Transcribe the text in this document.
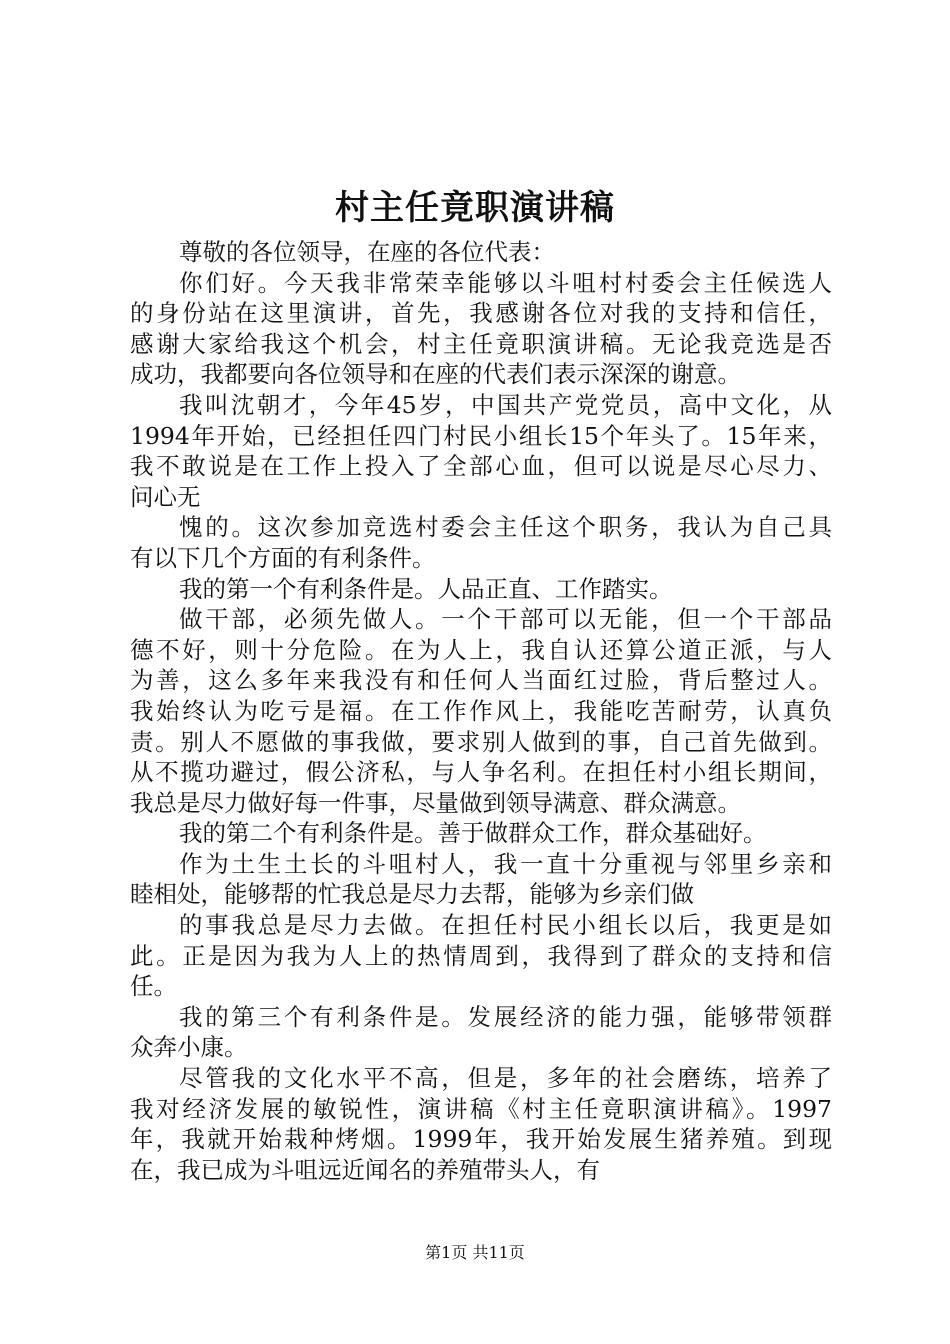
村主任竟职演讲稿
尊敬的各位领导，在座的各位代表：
你们好。今天我非常荣幸能够以斗咀村村委会主任候选人
的身份站在这里演讲，首先，我感谢各位对我的支持和信任，
感谢大家给我这个机会，村主任竟职演讲稿。无论我竞选是否
成功，我都要向各位领导和在座的代表们表示深深的谢意。
我叫沈朝才，今年45岁，中国共产党党员，高中文化，从
1994年开始，已经担任四门村民小组长15个年头了。15年来，
我不敢说是在工作上投入了全部心血，但可以说是尽心尽力、
问心无
愧的。这次参加竞选村委会主任这个职务，我认为自己具
有以下几个方面的有利条件。
我的第一个有利条件是。人品正直、工作踏实。
做干部，必须先做人。一个干部可以无能，但一个干部品
德不好，则十分危险。在为人上，我自认还算公道正派，与人
为善，这么多年来我没有和任何人当面红过脸，背后整过人。
我始终认为吃亏是福。在工作作风上，我能吃苦耐劳，认真负
责。别人不愿做的事我做，要求别人做到的事，自己首先做到。
从不揽功避过，假公济私，与人争名利。在担任村小组长期间，
我总是尽力做好每一件事，尽量做到领导满意、群众满意。
我的第二个有利条件是。善于做群众工作，群众基础好。
作为土生土长的斗咀村人，我一直十分重视与邻里乡亲和
睦相处，能够帮的忙我总是尽力去帮，能够为乡亲们做
的事我总是尽力去做。在担任村民小组长以后，我更是如
此。正是因为我为人上的热情周到，我得到了群众的支持和信
任。
我的第三个有利条件是。发展经济的能力强，能够带领群
众奔小康。
尽管我的文化水平不高，但是，多年的社会磨练，培养了
我对经济发展的敏锐性，演讲稿《村主任竟职演讲稿》。1997
年，我就开始栽种烤烟。1999年，我开始发展生猪养殖。到现
在，我已成为斗咀远近闻名的养殖带头人，有
第1页 共11页
